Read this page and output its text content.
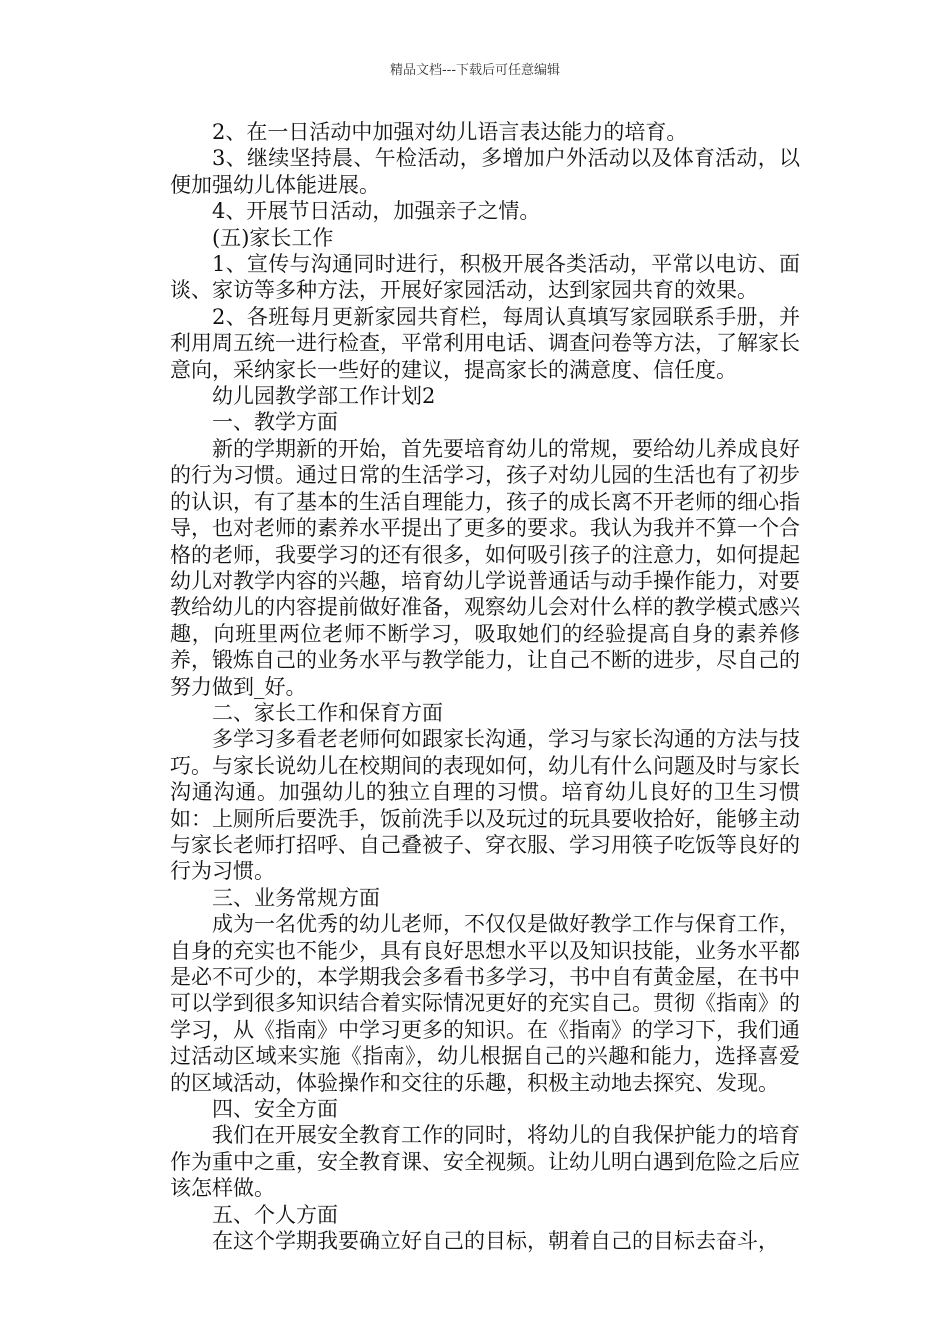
精品文档---下载后可任意编辑

2、在一日活动中加强对幼儿语言表达能力的培育。

3、继续坚持晨、午检活动，多增加户外活动以及体育活动，以便加强幼儿体能进展。

4、开展节日活动，加强亲子之情。

(五)家长工作

1、宣传与沟通同时进行，积极开展各类活动，平常以电访、面谈、家访等多种方法，开展好家园活动，达到家园共育的效果。

2、各班每月更新家园共育栏，每周认真填写家园联系手册，并利用周五统一进行检查，平常利用电话、调查问卷等方法，了解家长意向，采纳家长一些好的建议，提高家长的满意度、信任度。

幼儿园教学部工作计划2

一、教学方面

新的学期新的开始，首先要培育幼儿的常规，要给幼儿养成良好的行为习惯。通过日常的生活学习，孩子对幼儿园的生活也有了初步的认识，有了基本的生活自理能力，孩子的成长离不开老师的细心指导，也对老师的素养水平提出了更多的要求。我认为我并不算一个合格的老师，我要学习的还有很多，如何吸引孩子的注意力，如何提起幼儿对教学内容的兴趣，培育幼儿学说普通话与动手操作能力，对要教给幼儿的内容提前做好准备，观察幼儿会对什么样的教学模式感兴趣，向班里两位老师不断学习，吸取她们的经验提高自身的素养修养，锻炼自己的业务水平与教学能力，让自己不断的进步，尽自己的努力做到_好。

二、家长工作和保育方面

多学习多看老老师何如跟家长沟通，学习与家长沟通的方法与技巧。与家长说幼儿在校期间的表现如何，幼儿有什么问题及时与家长沟通沟通。加强幼儿的独立自理的习惯。培育幼儿良好的卫生习惯如：上厕所后要洗手，饭前洗手以及玩过的玩具要收拾好，能够主动与家长老师打招呼、自己叠被子、穿衣服、学习用筷子吃饭等良好的行为习惯。

三、业务常规方面

成为一名优秀的幼儿老师，不仅仅是做好教学工作与保育工作，自身的充实也不能少，具有良好思想水平以及知识技能，业务水平都是必不可少的，本学期我会多看书多学习，书中自有黄金屋，在书中可以学到很多知识结合着实际情况更好的充实自己。贯彻《指南》的学习，从《指南》中学习更多的知识。在《指南》的学习下，我们通过活动区域来实施《指南》，幼儿根据自己的兴趣和能力，选择喜爱的区域活动，体验操作和交往的乐趣，积极主动地去探究、发现。

四、安全方面

我们在开展安全教育工作的同时，将幼儿的自我保护能力的培育作为重中之重，安全教育课、安全视频。让幼儿明白遇到危险之后应该怎样做。

五、个人方面

在这个学期我要确立好自己的目标，朝着自己的目标去奋斗，
